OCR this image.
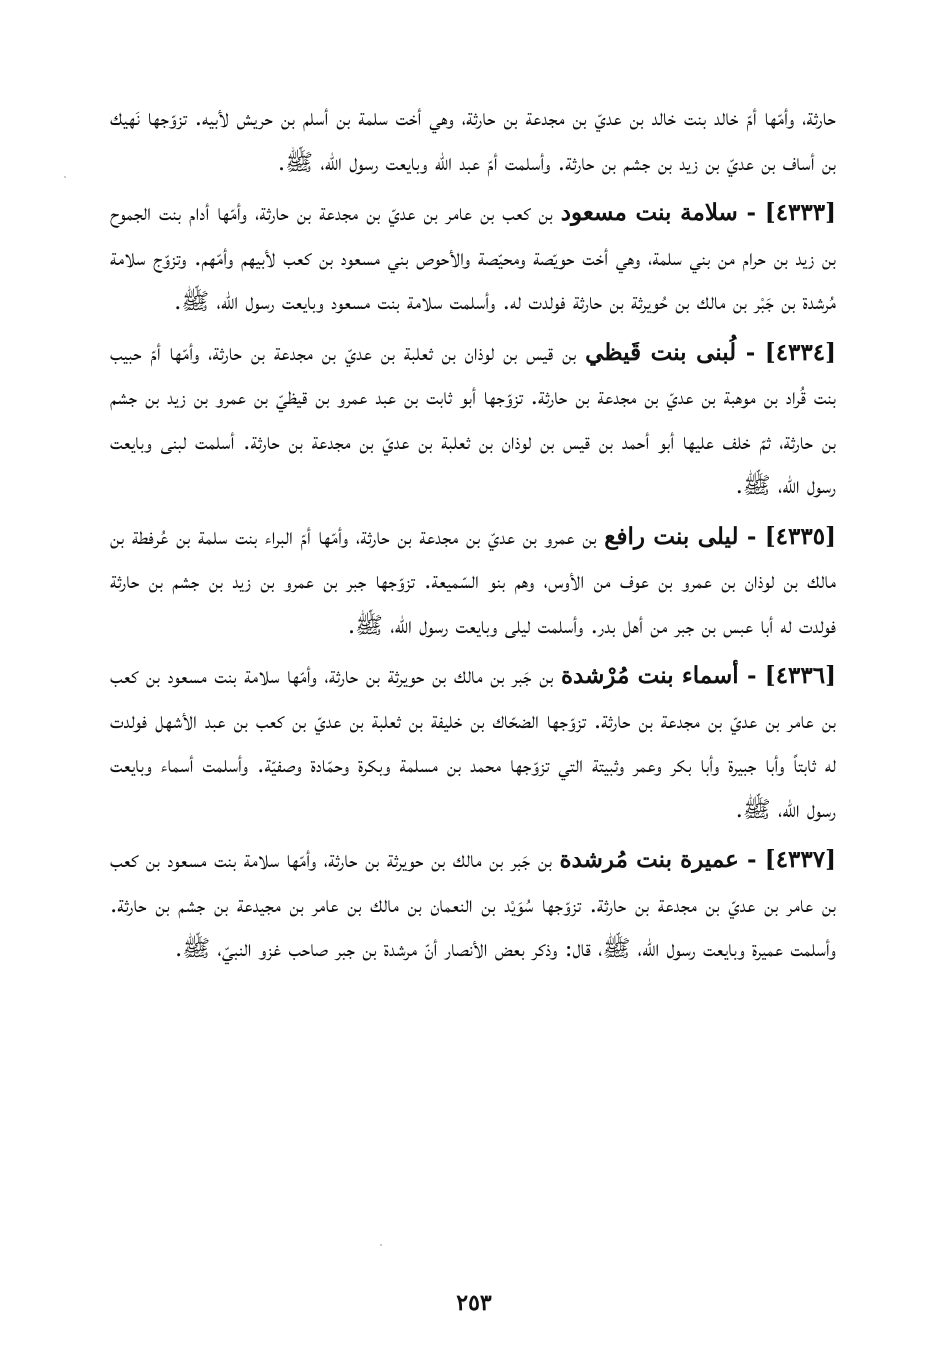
حارثة، وأمّها أمّ خالد بنت خالد بن عديّ بن مجدعة بن حارثة، وهي أخت سلمة بن أسلم بن حريش لأبيه. تزوّجها نَهيك بن أساف بن عديّ بن زيد بن جشم بن حارثة. وأسلمت أمّ عبد الله وبايعت رسول الله، ﷺ.

[٤٣٣٣] - سلامة بنت مسعود بن كعب بن عامر بن عديّ بن مجدعة بن حارثة، وأمّها أدام بنت الجموح بن زيد بن حرام من بني سلمة، وهي أخت حويّصة ومحيّصة والأحوص بني مسعود بن كعب لأبيهم وأمّهم. وتزوّج سلامة مُرشدة بن جَبْر بن مالك بن حُويرثة بن حارثة فولدت له. وأسلمت سلامة بنت مسعود وبايعت رسول الله، ﷺ.

[٤٣٣٤] - لُبنى بنت قَيظي بن قيس بن لوذان بن ثعلبة بن عديّ بن مجدعة بن حارثة، وأمّها أمّ حبيب بنت قُراد بن موهبة بن عديّ بن مجدعة بن حارثة. تزوّجها أبو ثابت بن عبد عمرو بن قيظيّ بن عمرو بن زيد بن جشم بن حارثة، ثمّ خلف عليها أبو أحمد بن قيس بن لوذان بن ثعلبة بن عديّ بن مجدعة بن حارثة. أسلمت لبنى وبايعت رسول الله، ﷺ.

[٤٣٣٥] - ليلى بنت رافع بن عمرو بن عديّ بن مجدعة بن حارثة، وأمّها أمّ البراء بنت سلمة بن عُرفطة بن مالك بن لوذان بن عمرو بن عوف من الأوس، وهم بنو السّميعة. تزوّجها جبر بن عمرو بن زيد بن جشم بن حارثة فولدت له أبا عبس بن جبر من أهل بدر. وأسلمت ليلى وبايعت رسول الله، ﷺ.

[٤٣٣٦] - أسماء بنت مُرْشدة بن جَبر بن مالك بن حويرثة بن حارثة، وأمّها سلامة بنت مسعود بن كعب بن عامر بن عديّ بن مجدعة بن حارثة. تزوّجها الضحّاك بن خليفة بن ثعلبة بن عديّ بن كعب بن عبد الأشهل فولدت له ثابتاً وأبا جبيرة وأبا بكر وعمر وثبيتة التي تزوّجها محمد بن مسلمة وبكرة وحمّادة وصفيّة. وأسلمت أسماء وبايعت رسول الله، ﷺ.

[٤٣٣٧] - عميرة بنت مُرشدة بن جَبر بن مالك بن حويرثة بن حارثة، وأمّها سلامة بنت مسعود بن كعب بن عامر بن عديّ بن مجدعة بن حارثة. تزوّجها سُوَيْد بن النعمان بن مالك بن عامر بن مجيدعة بن جشم بن حارثة. وأسلمت عميرة وبايعت رسول الله، ﷺ، قال: وذكر بعض الأنصار أنّ مرشدة بن جبر صاحب غزو النبيّ، ﷺ.

٢٥٣
